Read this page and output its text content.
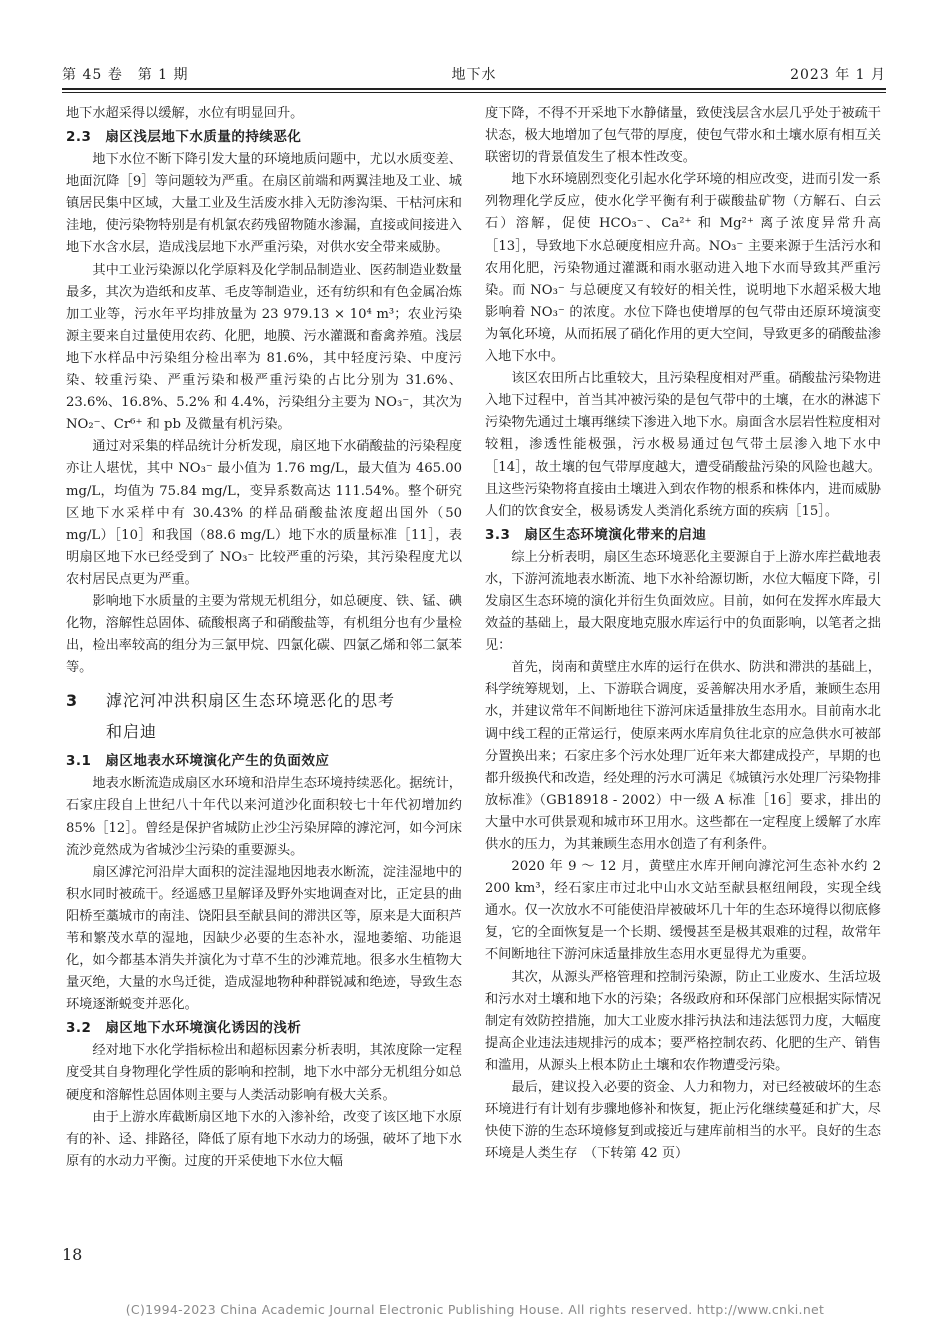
第 45 卷　第 1 期	地下水	2023 年 1 月

地下水超采得以缓解，水位有明显回升。

2.3 扇区浅层地下水质量的持续恶化

地下水位不断下降引发大量的环境地质问题中，尤以水质变差、地面沉降［9］等问题较为严重。在扇区前端和两翼洼地及工业、城镇居民集中区域，大量工业及生活废水排入无防渗沟渠、干枯河床和洼地，使污染物特别是有机氯农药残留物随水渗漏，直接或间接进入地下水含水层，造成浅层地下水严重污染，对供水安全带来威胁。

其中工业污染源以化学原料及化学制品制造业、医药制造业数量最多，其次为造纸和皮革、毛皮等制造业，还有纺织和有色金属冶炼加工业等，污水年平均排放量为 23 979.13 × 10⁴ m³；农业污染源主要来自过量使用农药、化肥，地膜、污水灌溉和畜禽养殖。浅层地下水样品中污染组分检出率为 81.6%，其中轻度污染、中度污染、较重污染、严重污染和极严重污染的占比分别为 31.6%、23.6%、16.8%、5.2% 和 4.4%，污染组分主要为 NO₃⁻，其次为 NO₂⁻、Cr⁶⁺ 和 pb 及微量有机污染。

通过对采集的样品统计分析发现，扇区地下水硝酸盐的污染程度亦让人堪忧，其中 NO₃⁻ 最小值为 1.76 mg/L，最大值为 465.00 mg/L，均值为 75.84 mg/L，变异系数高达 111.54%。整个研究区地下水采样中有 30.43% 的样品硝酸盐浓度超出国外（50 mg/L）［10］和我国（88.6 mg/L）地下水的质量标准［11］，表明扇区地下水已经受到了 NO₃⁻ 比较严重的污染，其污染程度尤以农村居民点更为严重。

影响地下水质量的主要为常规无机组分，如总硬度、铁、锰、碘化物，溶解性总固体、硫酸根离子和硝酸盐等，有机组分也有少量检出，检出率较高的组分为三氯甲烷、四氯化碳、四氯乙烯和邻二氯苯等。

3 滹沱河冲洪积扇区生态环境恶化的思考
和启迪
3.1 扇区地表水环境演化产生的负面效应

地表水断流造成扇区水环境和沿岸生态环境持续恶化。据统计，石家庄段自上世纪八十年代以来河道沙化面积较七十年代初增加约 85%［12］。曾经是保护省城防止沙尘污染屏障的滹沱河，如今河床流沙竟然成为省城沙尘污染的重要源头。

扇区滹沱河沿岸大面积的淀洼湿地因地表水断流，淀洼湿地中的积水同时被疏干。经遥感卫星解译及野外实地调查对比，正定县的曲阳桥至藁城市的南洼、饶阳县至献县间的滞洪区等，原来是大面积芦苇和繁茂水草的湿地，因缺少必要的生态补水，湿地萎缩、功能退化，如今都基本消失并演化为寸草不生的沙滩荒地。很多水生植物大量灭绝，大量的水鸟迁徙，造成湿地物种种群锐减和绝迹，导致生态环境逐渐蜕变并恶化。

3.2 扇区地下水环境演化诱因的浅析

经对地下水化学指标检出和超标因素分析表明，其浓度除一定程度受其自身物理化学性质的影响和控制，地下水中部分无机组分如总硬度和溶解性总固体则主要与人类活动影响有极大关系。

由于上游水库截断扇区地下水的入渗补给，改变了该区地下水原有的补、迳、排路径，降低了原有地下水动力的场强，破坏了地下水原有的水动力平衡。过度的开采使地下水位大幅

度下降，不得不开采地下水静储量，致使浅层含水层几乎处于被疏干状态，极大地增加了包气带的厚度，使包气带水和土壤水原有相互关联密切的背景值发生了根本性改变。

地下水环境剧烈变化引起水化学环境的相应改变，进而引发一系列物理化学反应，使水化学平衡有利于碳酸盐矿物（方解石、白云石）溶解，促使 HCO₃⁻、Ca²⁺ 和 Mg²⁺ 离子浓度异常升高［13］，导致地下水总硬度相应升高。NO₃⁻ 主要来源于生活污水和农用化肥，污染物通过灌溉和雨水驱动进入地下水而导致其严重污染。而 NO₃⁻ 与总硬度又有较好的相关性，说明地下水超采极大地影响着 NO₃⁻ 的浓度。水位下降也使增厚的包气带由还原环境演变为氧化环境，从而拓展了硝化作用的更大空间，导致更多的硝酸盐渗入地下水中。

该区农田所占比重较大，且污染程度相对严重。硝酸盐污染物进入地下过程中，首当其冲被污染的是包气带中的土壤，在水的淋滤下污染物先通过土壤再继续下渗进入地下水。扇面含水层岩性粒度相对较粗，渗透性能极强，污水极易通过包气带土层渗入地下水中［14］，故土壤的包气带厚度越大，遭受硝酸盐污染的风险也越大。且这些污染物将直接由土壤进入到农作物的根系和株体内，进而威胁人们的饮食安全，极易诱发人类消化系统方面的疾病［15］。

3.3 扇区生态环境演化带来的启迪

综上分析表明，扇区生态环境恶化主要源自于上游水库拦截地表水，下游河流地表水断流、地下水补给源切断，水位大幅度下降，引发扇区生态环境的演化并衍生负面效应。目前，如何在发挥水库最大效益的基础上，最大限度地克服水库运行中的负面影响，以笔者之拙见：

首先，岗南和黄壁庄水库的运行在供水、防洪和滞洪的基础上，科学统筹规划，上、下游联合调度，妥善解决用水矛盾，兼顾生态用水，并建议常年不间断地往下游河床适量排放生态用水。目前南水北调中线工程的正常运行，使原来两水库肩负往北京的应急供水可被部分置换出来；石家庄多个污水处理厂近年来大都建成投产，早期的也都升级换代和改造，经处理的污水可满足《城镇污水处理厂污染物排放标准》（GB18918 - 2002）中一级 A 标准［16］要求，排出的大量中水可供景观和城市环卫用水。这些都在一定程度上缓解了水库供水的压力，为其兼顾生态用水创造了有利条件。

2020 年 9 ～ 12 月，黄壁庄水库开闸向滹沱河生态补水约 2 200 km³，经石家庄市过北中山水文站至献县枢纽闸段，实现全线通水。仅一次放水不可能使沿岸被破坏几十年的生态环境得以彻底修复，它的全面恢复是一个长期、缓慢甚至是极其艰难的过程，故常年不间断地往下游河床适量排放生态用水更显得尤为重要。

其次，从源头严格管理和控制污染源，防止工业废水、生活垃圾和污水对土壤和地下水的污染；各级政府和环保部门应根据实际情况制定有效防控措施，加大工业废水排污执法和违法惩罚力度，大幅度提高企业违法违规排污的成本；要严格控制农药、化肥的生产、销售和滥用，从源头上根本防止土壤和农作物遭受污染。

最后，建议投入必要的资金、人力和物力，对已经被破坏的生态环境进行有计划有步骤地修补和恢复，扼止污化继续蔓延和扩大，尽快使下游的生态环境修复到或接近与建库前相当的水平。良好的生态环境是人类生存　（下转第 42 页）

18
(C)1994-2023 China Academic Journal Electronic Publishing House. All rights reserved. http://www.cnki.net
